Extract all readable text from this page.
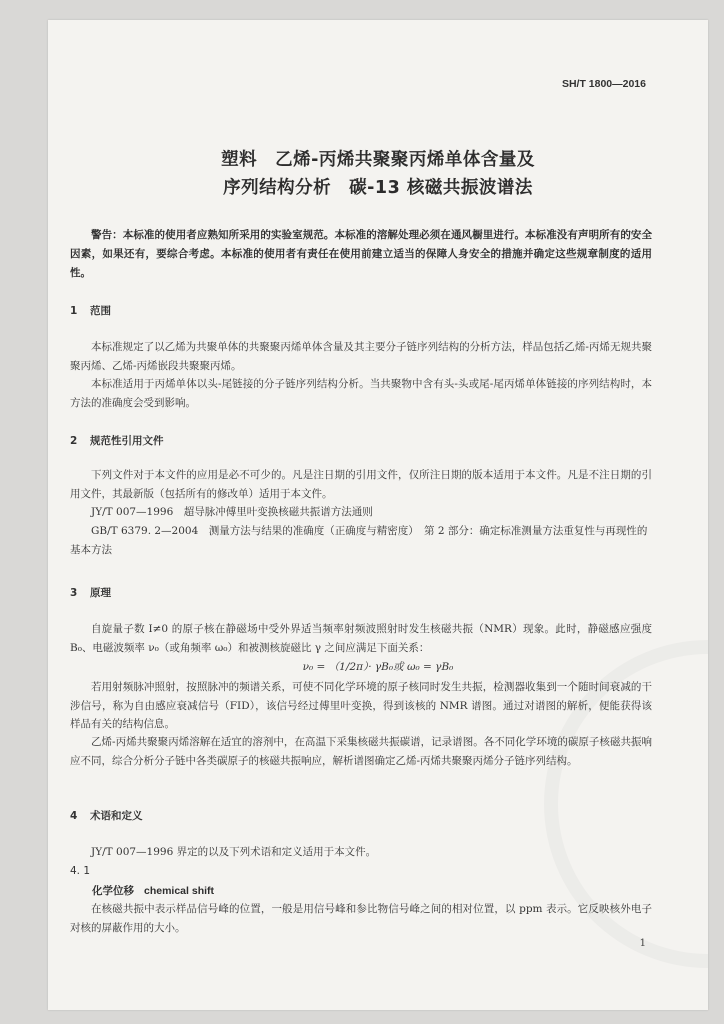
SH/T 1800—2016
塑料　乙烯-丙烯共聚聚丙烯单体含量及
序列结构分析　碳-13 核磁共振波谱法
警告：本标准的使用者应熟知所采用的实验室规范。本标准的溶解处理必须在通风橱里进行。本标准没有声明所有的安全因素，如果还有，要综合考虑。本标准的使用者有责任在使用前建立适当的保障人身安全的措施并确定这些规章制度的适用性。
1 范围
本标准规定了以乙烯为共聚单体的共聚聚丙烯单体含量及其主要分子链序列结构的分析方法，样品包括乙烯-丙烯无规共聚聚丙烯、乙烯-丙烯嵌段共聚聚丙烯。
本标准适用于丙烯单体以头-尾链接的分子链序列结构分析。当共聚物中含有头-头或尾-尾丙烯单体链接的序列结构时，本方法的准确度会受到影响。
2 规范性引用文件
下列文件对于本文件的应用是必不可少的。凡是注日期的引用文件，仅所注日期的版本适用于本文件。凡是不注日期的引用文件，其最新版（包括所有的修改单）适用于本文件。
JY/T 007—1996　超导脉冲傅里叶变换核磁共振谱方法通则
GB/T 6379. 2—2004　测量方法与结果的准确度（正确度与精密度）　第 2 部分：确定标准测量方法重复性与再现性的基本方法
3 原理
自旋量子数 I≠0 的原子核在静磁场中受外界适当频率射频波照射时发生核磁共振（NMR）现象。此时，静磁感应强度 B₀、电磁波频率 ν₀（或角频率 ω₀）和被测核旋磁比 γ 之间应满足下面关系：
ν₀ = （1/2π）· γB₀或 ω₀ = γB₀
若用射频脉冲照射，按照脉冲的频谱关系，可使不同化学环境的原子核同时发生共振，检测器收集到一个随时间衰减的干涉信号，称为自由感应衰减信号（FID），该信号经过傅里叶变换，得到该核的 NMR 谱图。通过对谱图的解析，便能获得该样品有关的结构信息。
乙烯-丙烯共聚聚丙烯溶解在适宜的溶剂中，在高温下采集核磁共振碳谱，记录谱图。各不同化学环境的碳原子核磁共振响应不同，综合分析分子链中各类碳原子的核磁共振响应，解析谱图确定乙烯-丙烯共聚聚丙烯分子链序列结构。
4 术语和定义
JY/T 007—1996 界定的以及下列术语和定义适用于本文件。
4. 1
化学位移 chemical shift
在核磁共振中表示样品信号峰的位置，一般是用信号峰和参比物信号峰之间的相对位置，以 ppm 表示。它反映核外电子对核的屏蔽作用的大小。
1
